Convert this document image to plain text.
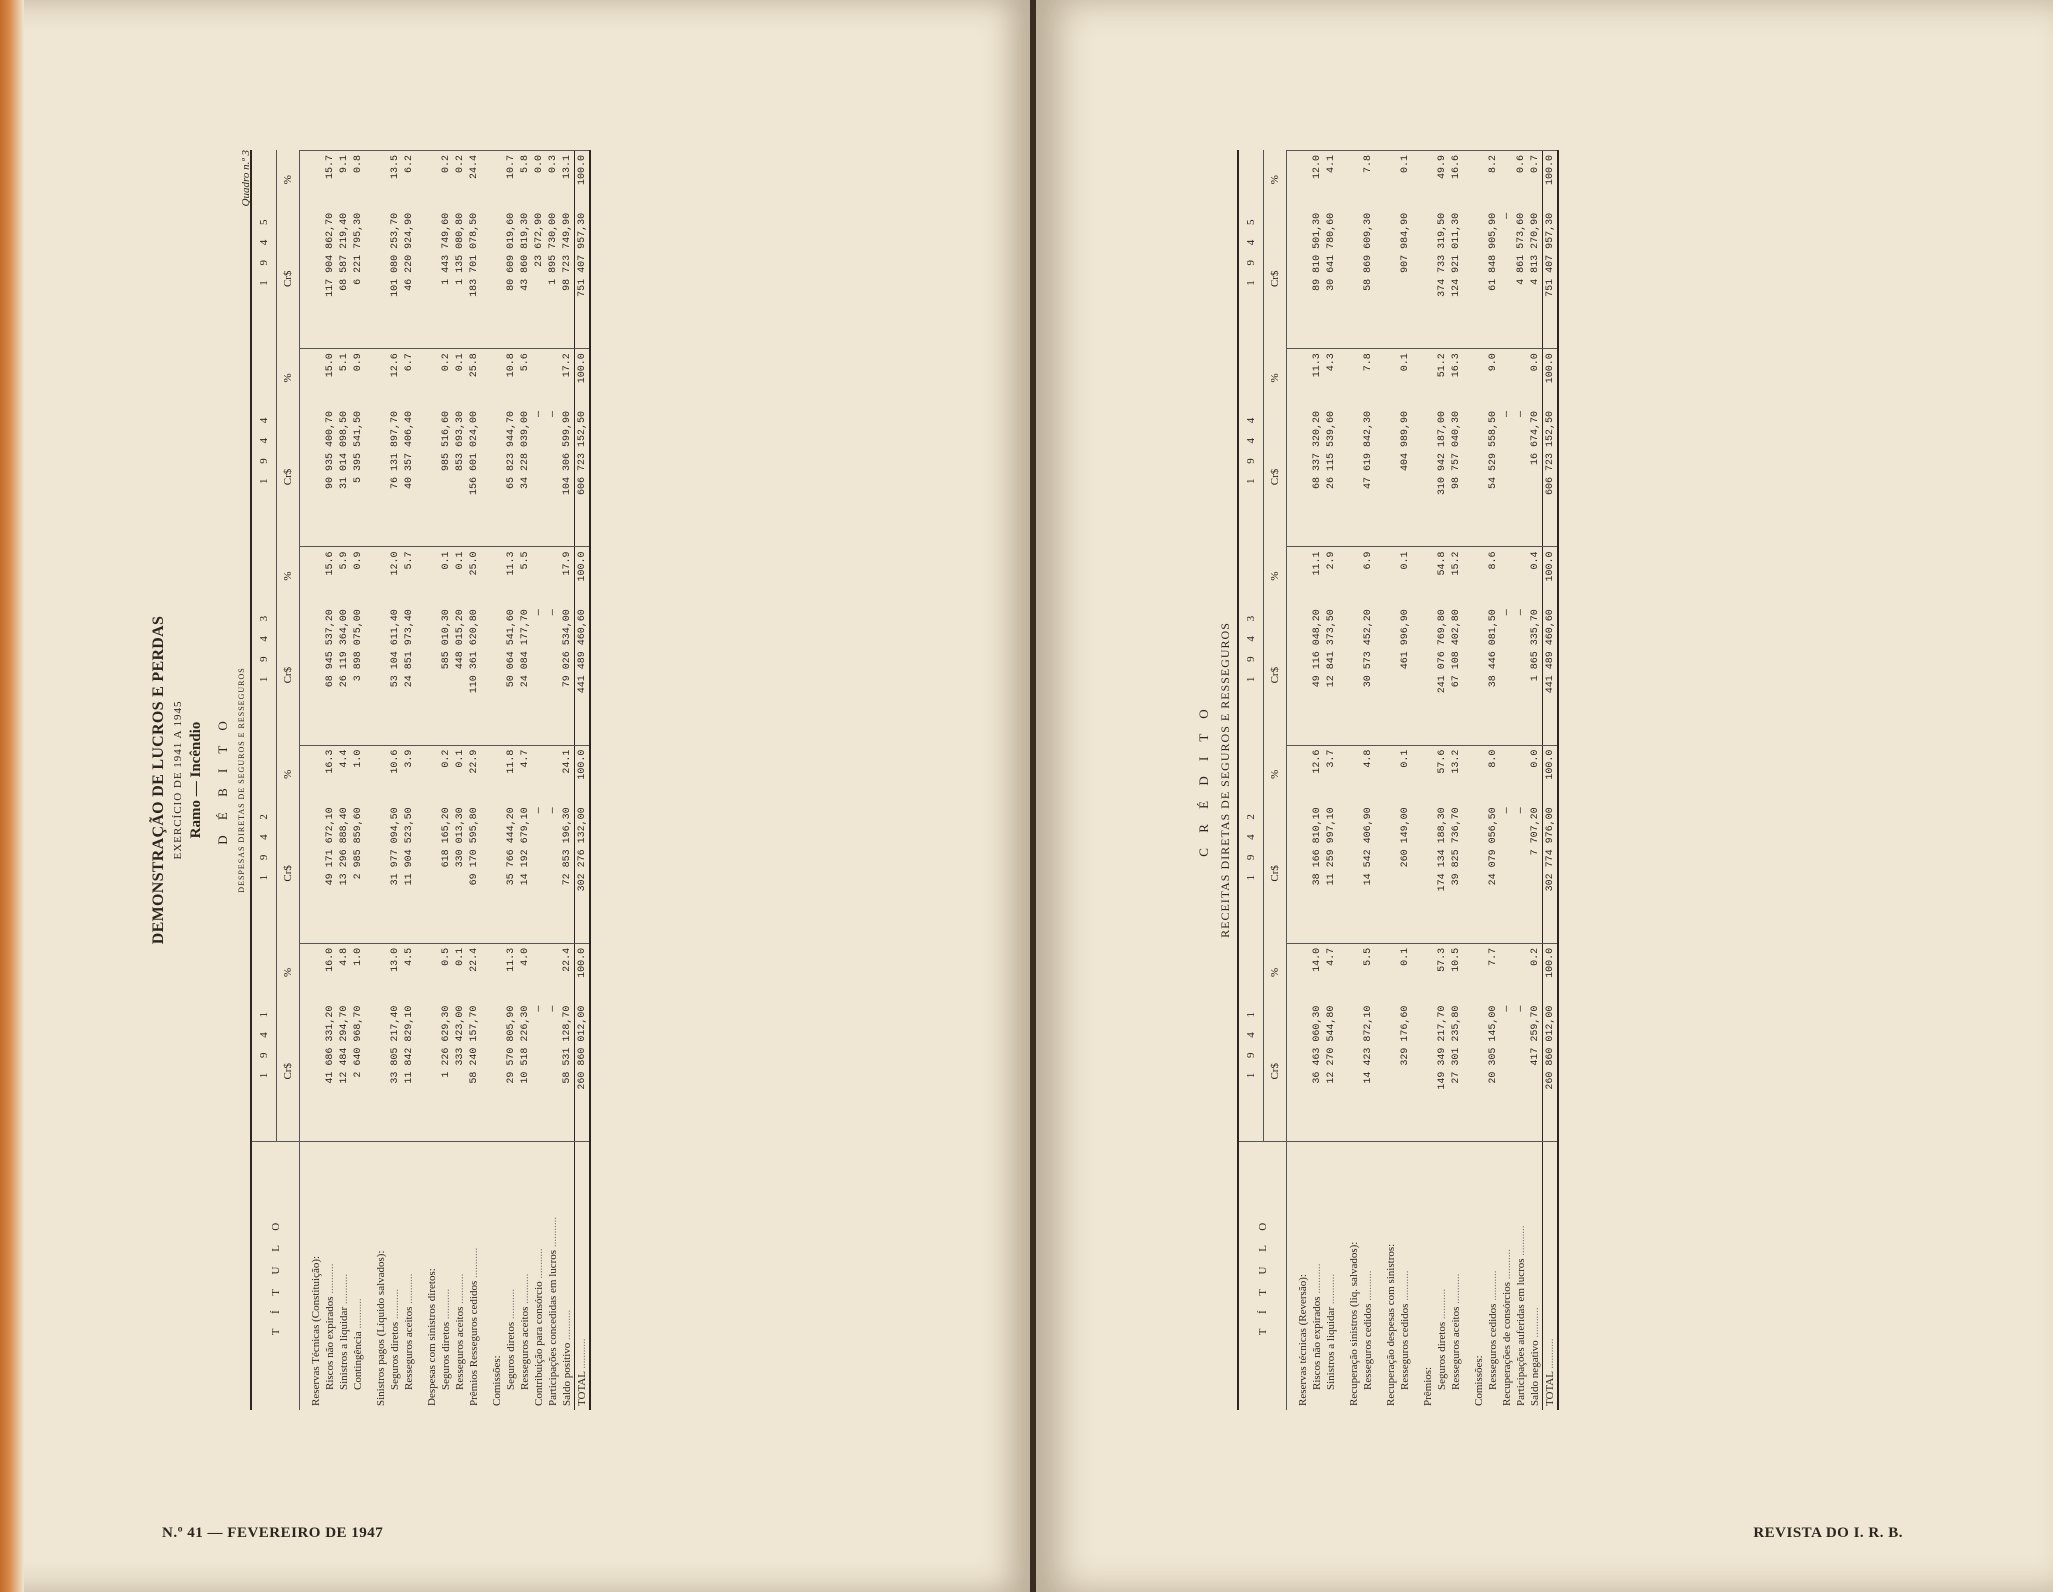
DEMONSTRAÇÃO DE LUCROS E PERDAS EXERCÍCIO DE 1941 A 1945 Ramo — Incêndio
Quadro n.º 3
D É B I T O DESPESAS DIRETAS DE SEGUROS E RESSEGUROS
T Í T U L O	1 9 4 1		1 9 4 2		1 9 4 3		1 9 4 4		1 9 4 5	
	Cr$	%	Cr$	%	Cr$	%	Cr$	%	Cr$	%
Reservas Técnicas (Constituição):										
Riscos não expirados .....	41 686 331,20	16.0	49 171 672,10	16.3	68 945 537,20	15.6	90 935 400,70	15.0	117 904 862,70	15.7
Sinistros a liquidar .....	12 484 294,70	4.8	13 296 888,40	4.4	26 119 364,00	5.9	31 014 098,50	5.1	68 587 219,40	9.1
Contingência .....	2 640 968,70	1.0	2 985 859,60	1.0	3 898 075,00	0.9	5 395 541,50	0.9	6 221 795,30	0.8
Sinistros pagos (Líquido salvados):										
Seguros diretos .....	33 805 217,40	13.0	31 977 094,50	10.6	53 104 611,40	12.0	76 131 897,70	12.6	101 080 253,70	13.5
Resseguros aceitos .....	11 842 829,10	4.5	11 904 523,50	3.9	24 851 973,40	5.7	40 357 406,40	6.7	46 220 924,90	6.2
Despesas com sinistros diretos:										
Seguros diretos .....	1 226 629,30	0.5	618 165,20	0.2	585 010,30	0.1	985 516,60	0.2	1 443 749,60	0.2
Resseguros aceitos .....	333 423,00	0.1	330 013,30	0.1	448 015,20	0.1	853 693,30	0.1	1 135 080,80	0.2
Prêmios Resseguros cedidos .....	58 240 157,70	22.4	69 170 595,80	22.9	110 361 620,80	25.0	156 601 024,00	25.8	183 701 078,50	24.4
Comissões:										
Seguros diretos .....	29 570 805,90	11.3	35 766 444,20	11.8	50 064 541,60	11.3	65 823 944,70	10.8	80 609 019,60	10.7
Resseguros aceitos .....	10 518 226,30	4.0	14 192 679,10	4.7	24 084 177,70	5.5	34 228 039,00	5.6	43 860 819,30	5.8
Contribuição para consórcio .....	—		—		—		—		23 672,90	0.0
Participações concedidas em lucros .....	—		—		—		—		1 895 730,00	0.3
Saldo positivo .....	58 531 128,70	22.4	72 853 196,30	24.1	79 026 534,00	17.9	104 306 599,90	17.2	98 723 749,90	13.1
TOTAL .....	260 860 012,00	100.0	302 276 132,00	100.0	441 489 460,60	100.0	606 723 152,50	100.0	751 407 957,30	100.0
N.º 41 — FEVEREIRO DE 1947
C R É D I T O RECEITAS DIRETAS DE SEGUROS E RESSEGUROS
T Í T U L O	1 9 4 1		1 9 4 2		1 9 4 3		1 9 4 4		1 9 4 5	
	Cr$	%	Cr$	%	Cr$	%	Cr$	%	Cr$	%
Reservas técnicas (Reversão):										
Riscos não expirados .....	36 463 060,30	14.0	38 166 810,10	12.6	49 116 048,20	11.1	68 337 320,20	11.3	89 810 501,30	12.0
Sinistros a liquidar .....	12 270 544,80	4.7	11 259 997,10	3.7	12 841 373,50	2.9	26 115 539,60	4.3	30 641 780,60	4.1
Recuperação sinistros (liq. salvados):										
Resseguros cedidos .....	14 423 872,10	5.5	14 542 406,90	4.8	30 573 452,20	6.9	47 619 842,30	7.8	58 869 609,30	7.8
Recuperação despesas com sinistros:										
Resseguros cedidos .....	329 176,60	0.1	260 149,00	0.1	461 996,90	0.1	404 989,90	0.1	907 984,90	0.1
Prêmios:										
Seguros diretos .....	149 349 217,70	57.3	174 134 188,30	57.6	241 076 769,80	54.8	310 942 187,00	51.2	374 733 319,50	49.9
Resseguros aceitos .....	27 301 235,80	10.5	39 825 736,70	13.2	67 108 402,80	15.2	98 757 040,30	16.3	124 921 011,30	16.6
Comissões:										
Resseguros cedidos .....	20 305 145,00	7.7	24 079 056,50	8.0	38 446 081,50	8.6	54 529 558,50	9.0	61 848 905,90	8.2
Recuperações de consórcios .....	—		—		—		—		—	
Participações auferidas em lucros .....	—		—		—		—		4 861 573,60	0.6
Saldo negativo .....	417 259,70	0.2	7 707,20	0.0	1 865 335,70	0.4	16 674,70	0.0	4 813 270,90	0.7
TOTAL .....	260 860 012,00	100.0	302 774 976,00	100.0	441 489 460,60	100.0	606 723 152,50	100.0	751 407 957,30	100.0
REVISTA DO I. R. B.
